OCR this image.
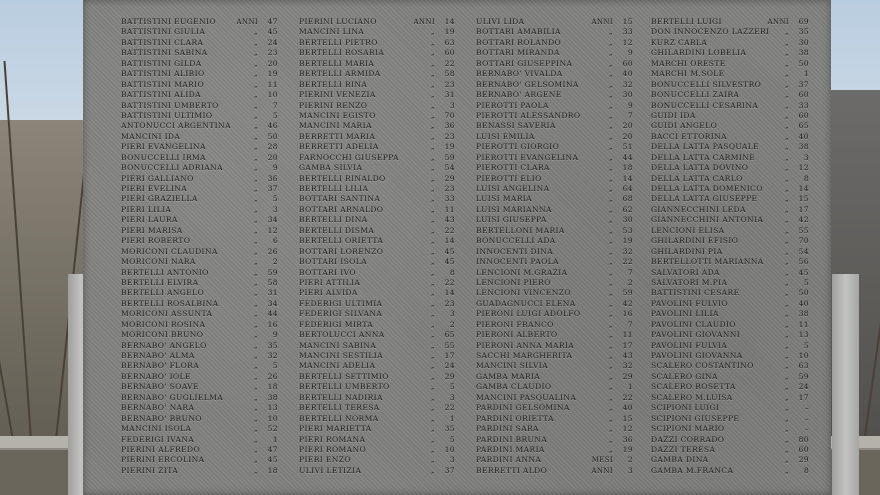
BATTISTINI EUGENIO	ANNI 47
BATTISTINI GIULIA	„ 45
BATTISTINI CLARA	„ 24
BATTISTINI SABINA	„ 23
BATTISTINI GILDA	„ 20
BATTISTINI ALIBIO	„ 19
BATTISTINI MARIO	„ 11
BATTISTINI ALIDA	„ 10
BATTISTINI UMBERTO	„ 7
BATTISTINI ULTIMIO	„ 5
ANTONUCCI ARGENTINA	„ 46
MANCINI IDA	„ 50
PIERI EVANGELINA	„ 28
BONUCCELLI IRMA	„ 20
BONUCCELLI ADRIANA	„ 9
PIERI GALLIANO	„ 36
PIERI EVELINA	„ 37
PIERI GRAZIELLA	„ 5
PIERI LILIA	„ 3
PIERI LAURA	„ 34
PIERI MARISA	„ 12
PIERI ROBERTO	„ 6
MORICONI CLAUDINA	„ 26
MORICONI NARA	„ 2
BERTELLI ANTONIO	„ 59
BERTELLI ELVIRA	„ 58
BERTELLI ANGELO	„ 31
BERTELLI ROSALBINA	„ 34
MORICONI ASSUNTA	„ 44
MORICONI ROSINA	„ 16
MORICONI BRUNO	„ 9
BERNABO' ANGELO	„ 35
BERNABO' ALMA	„ 32
BERNABO' FLORA	„ 5
BERNABO' IOLE	„ 26
BERNABO' SOAVE	„ 18
BERNABO' GUGLIELMA	„ 38
BERNABO' NARA	„ 13
BERNABO' BRUNO	„ 10
MANCINI ISOLA	„ 52
FEDERIGI IVANA	„ 1
PIERINI ALFREDO	„ 47
PIERINI ERCOLINA	„ 45
PIERINI ZITA	„ 18
PIERINI LUCIANO	ANNI 14
MANCINI LINA	„ 19
BERTELLI PIETRO	„ 63
BERTELLI ROSARIA	„ 60
BERTELLI MARIA	„ 22
BERTELLI ARMIDA	„ 58
BERTELLI RINA	„ 23
PIERINI VENEZIA	„ 31
PIERINI RENZO	„ 3
MANCINI EGISTO	„ 70
MANCINI MARIA	„ 36
BERRETTI MARIA	„ 23
BERRETTI ADELIA	„ 19
FARNOCCHI GIUSEPPA	„ 59
GAMBA SILVIA	„ 54
BERTELLI RINALDO	„ 29
BERTELLI LILIA	„ 23
BOTTARI SANTINA	„ 33
BOTTARI ARNALDO	„ 11
BERTELLI DINA	„ 43
BERTELLI DISMA	„ 22
BERTELLI ORIETTA	„ 14
BOTTARI LORENZO	„ 45
BOTTARI ISOLA	„ 45
BOTTARI IVO	„ 8
PIERI ATTILIA	„ 22
PIERI ALVIDA	„ 14
FEDERIGI ULTIMIA	„ 23
FEDERIGI SILVANA	„ 3
FEDERIGI MIRTA	„ 2
BERTOLUCCI ANNA	„ 65
MANCINI SABINA	„ 55
MANCINI SESTILIA	„ 17
MANCINI ADELIA	„ 24
BERTELLI SETTIMIO	„ 29
BERTELLI UMBERTO	„ 5
BERTELLI NADIRIA	„ 3
BERTELLI TERESA	„ 22
BERTELLI NORMA	„ 1
PIERI MARIETTA	„ 35
PIERI ROMANA	„ 5
PIERI ROMANO	„ 10
PIERI ENZO	„ 3
ULIVI LETIZIA	„ 37
ULIVI LIDA	ANNI 15
BOTTARI AMABILIA	„ 33
BOTTARI ROLANDO	„ 12
BOTTARI MIRANDA	„ 9
BOTTARI GIUSEPPINA	„ 60
BERNABO' VIVALDA	„ 40
BERNABO' GELSOMINA	„ 32
BERNABO' ARGENE	„ 30
PIEROTTI PAOLA	„ 9
PIEROTTI ALESSANDRO	„ 7
BENASSI SAVERIA	„ 20
LUISI EMILIA	„ 20
PIEROTTI GIORGIO	„ 51
PIEROTTI EVANGELINA	„ 44
PIEROTTI CLARA	„ 18
PIEROTTI ELIO	„ 14
LUISI ANGELINA	„ 64
LUISI MARIA	„ 68
LUISI MARIANNA	„ 62
LUISI GIUSEPPA	„ 30
BERTELLONI MARIA	„ 53
BONUCCELLI ADA	„ 19
INNOCENTI DINA	„ 32
INNOCENTI PAOLA	„ 22
LENCIONI M.GRAZIA	„ 7
LENCIONI PIERO	„ 2
LENCIONI VINCENZO	„ 59
GUADAGNUCCI ELENA	„ 42
PIERONI LUIGI ADOLFO	„ 16
PIERONI FRANCO	„ 7
PIERONI ALBERTO	„ 11
PIERONI ANNA MARIA	„ 17
SACCHI MARGHERITA	„ 43
MANCINI SILVIA	„ 32
GAMBA MARIA	„ 29
GAMBA CLAUDIO	„ 1
MANCINI PASQUALINA	„ 22
PARDINI GELSOMINA	„ 40
PARDINI ORIETTA	„ 15
PARDINI SARA	„ 12
PARDINI BRUNA	„ 36
PARDINI MARIA	„ 19
PARDINI ANNA	MESI 2
BERRETTI ALDO	ANNI 3
BERTELLI LUIGI	ANNI 69
DON INNOCENZO LAZZERI „ 35
KURZ CARLA	„ 30
GHILARDINI LOBELIA	„ 38
MARCHI ORESTE	„ 50
MARCHI M.SOLE	„ 1
BONUCCELLI SILVESTRO	„ 37
BONUCCELLI ZAIRA	„ 60
BONUCCELLI CESARINA	„ 33
GUIDI IDA	„ 60
GUIDI ANGELO	„ 65
BACCI ETTORINA	„ 40
DELLA LATTA PASQUALE	„ 38
DELLA LATTA CARMINE	„ 3
DELLA LATTA DOVINO	„ 12
DELLA LATTA CARLO	„ 8
DELLA LATTA DOMENICO	„ 14
DELLA LATTA GIUSEPPE	„ 15
GIANNECCHINI LEDA	„ 17
GIANNECCHINI ANTONIA	„ 42
LENCIONI ELISA	„ 55
GHILARDINI EFISIO	„ 70
GHILARDINI PIA	„ 54
BERTELLOTTI MARIANNA	„ 56
SALVATORI ADA	„ 45
SALVATORI M.PIA	„ 5
BATTISTINI CESARE	„ 50
PAVOLINI FULVIO	„ 40
PAVOLINI LILIA	„ 38
PAVOLINI CLAUDIO	„ 11
PAVOLINI GIOVANNI	„ 13
PAVOLINI FULVIA	„ 5
PAVOLINI GIOVANNA	„ 10
SCALERO COSTANTINO	„ 63
SCALERO GINA	„ 59
SCALERO ROSETTA	„ 24
SCALERO M.LUISA	„ 17
SCIPIONI LUIGI	„ –
SCIPIONI GIUSEPPE	„ –
SCIPIONI MARIO	„ –
DAZZI CORRADO	„ 80
DAZZI TERESA	„ 60
GAMBA DINA	„ 29
GAMBA M.FRANCA	„ 8
